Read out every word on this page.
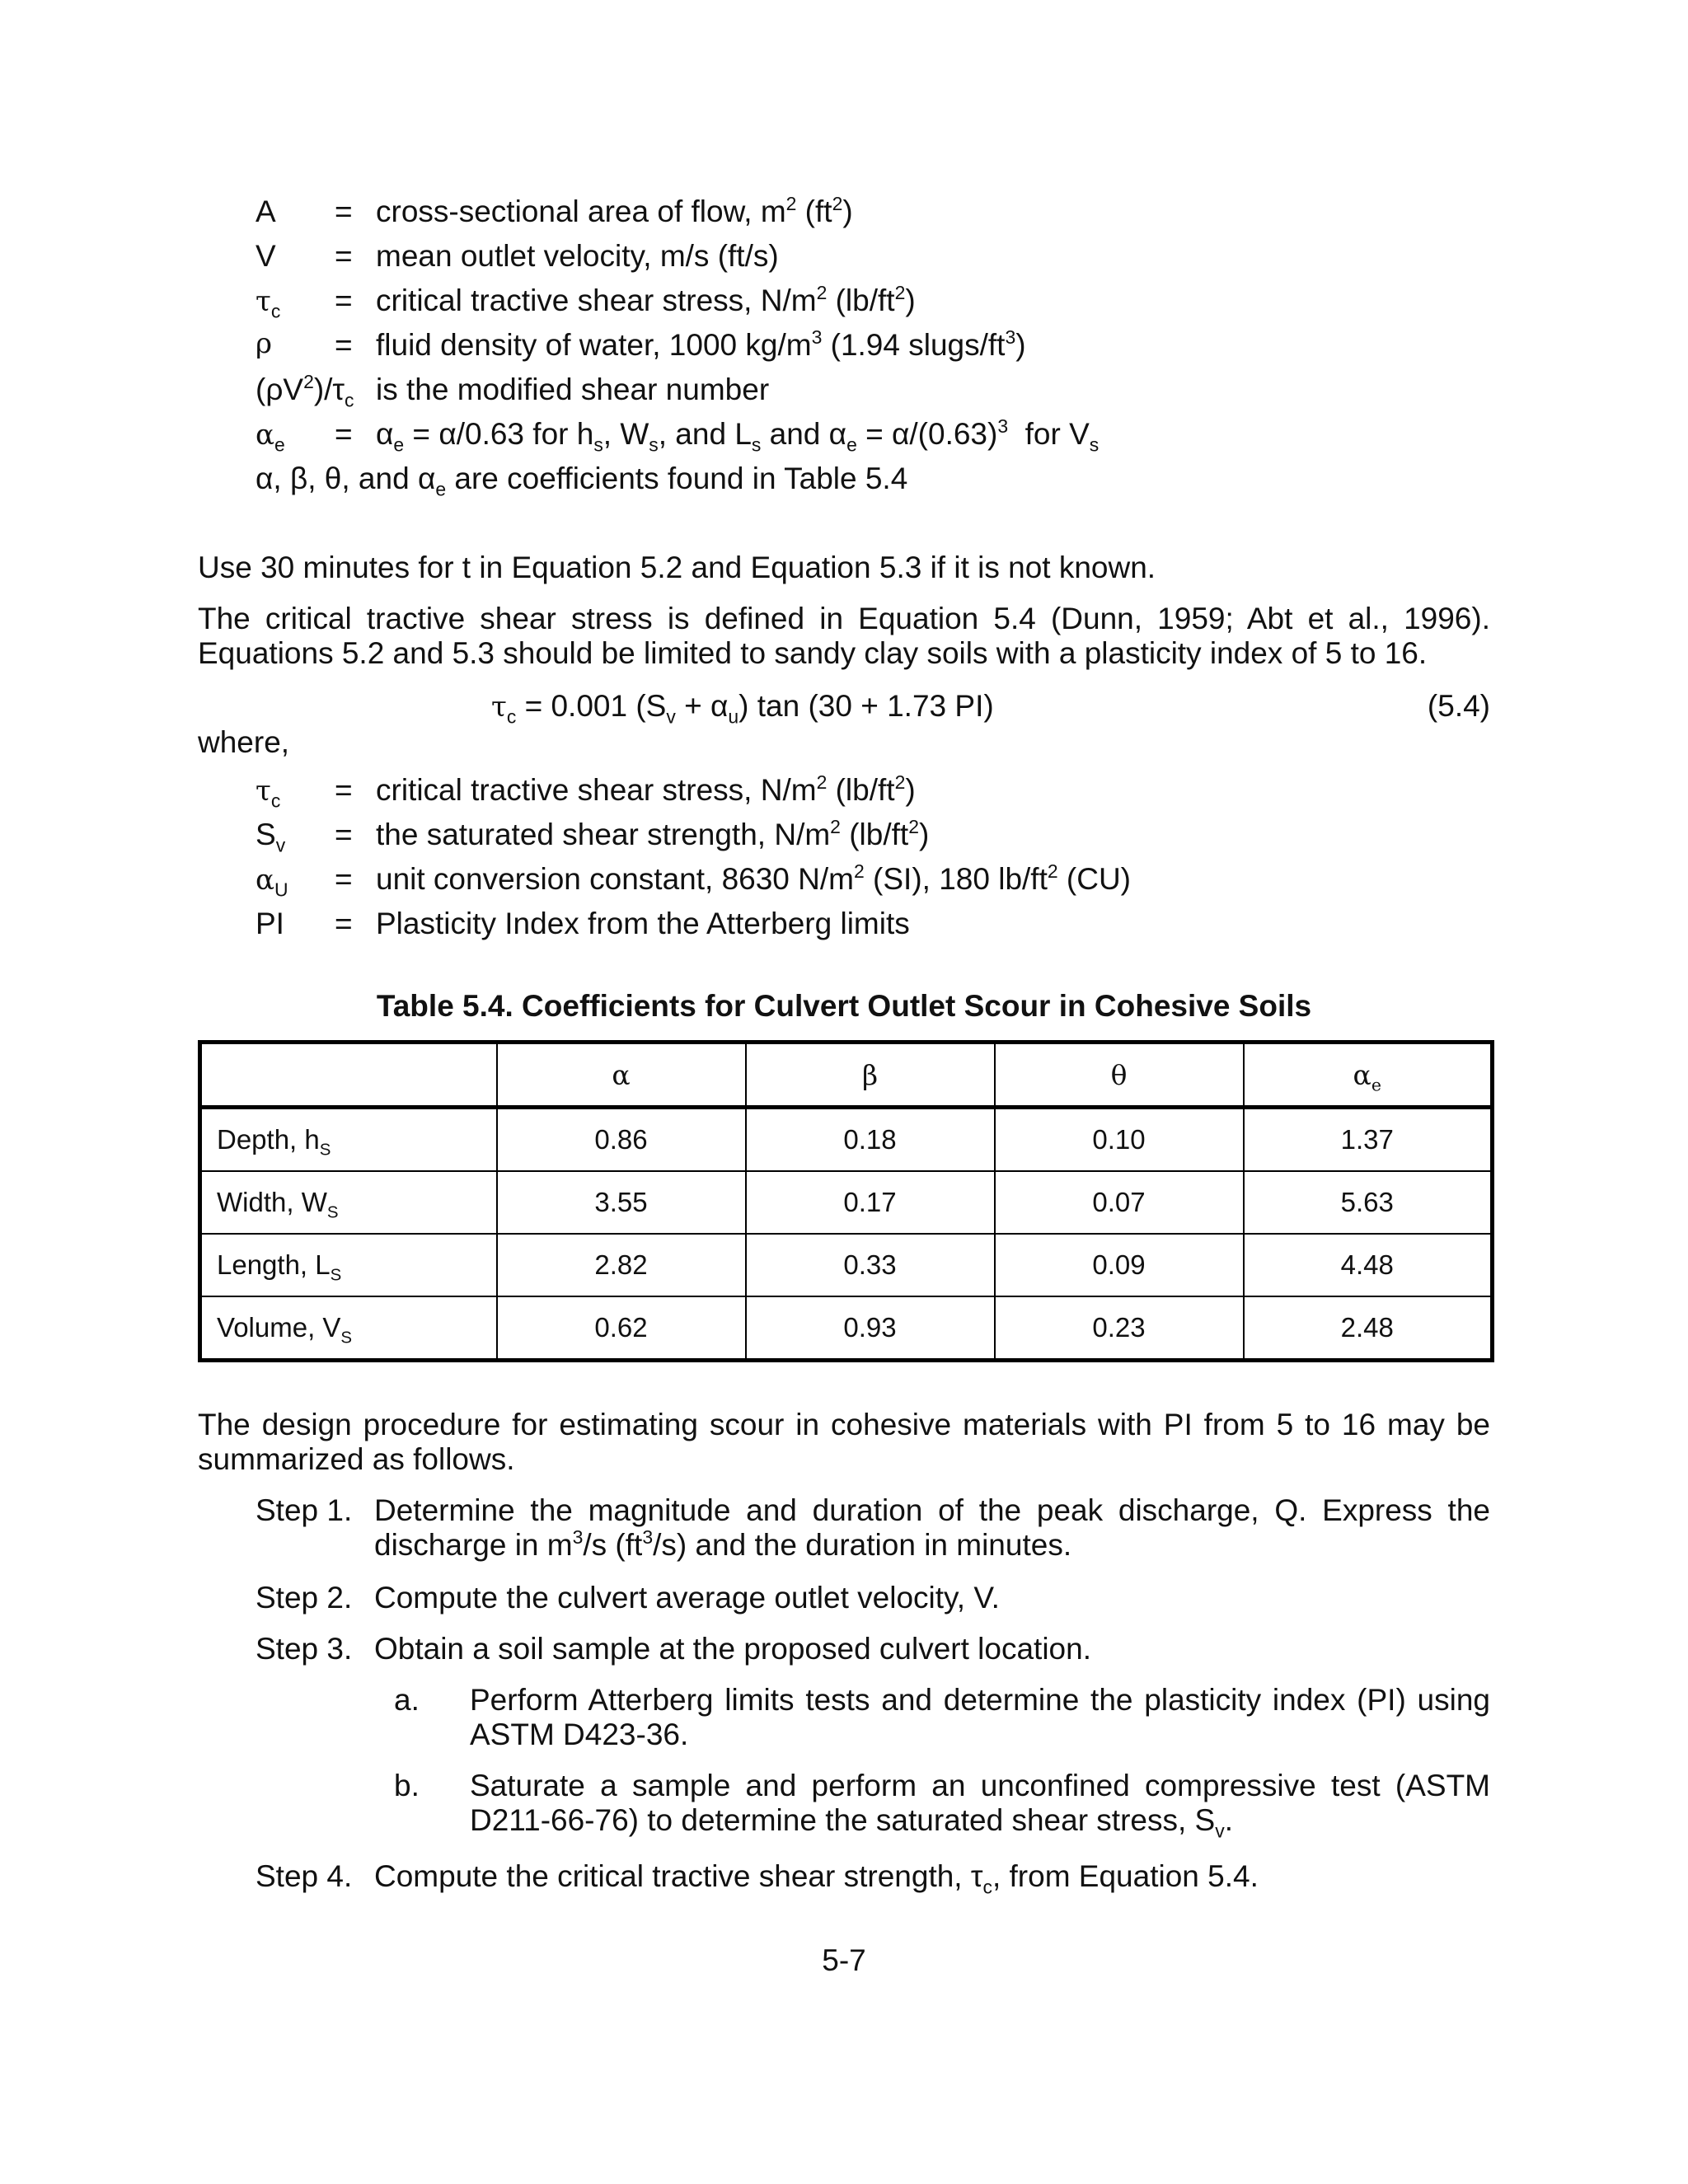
A = cross-sectional area of flow, $m^2$ $(ft^2)$
V = mean outlet velocity, m/s (ft/s)
$\tau_c$ = critical tractive shear stress, $N/m^2$ $(lb/ft^2)$
ρ = fluid density of water, 1000 $kg/m^3$ (1.94 slugs/$ft^3$)
$(\rho V^2)/\tau_c$ is the modified shear number
$\alpha_e = \alpha_e = \alpha/0.63$ for $h_s$, $W_s$, and $L_s$ and $\alpha_e = \alpha/(0.63)^3$  for $V_s$
α, β, θ, and $\alpha_e$ are coefficients found in Table 5.4
Use 30 minutes for t in Equation 5.2 and Equation 5.3 if it is not known.
The critical tractive shear stress is defined in Equation 5.4 (Dunn, 1959; Abt et al., 1996). Equations 5.2 and 5.3 should be limited to sandy clay soils with a plasticity index of 5 to 16.
$\tau_c = 0.001$ $(S_v + \alpha_u)$ tan (30 + 1.73 PI)	(5.4)
where,
$\tau_c$ = critical tractive shear stress, $N/m^2$ $(lb/ft^2)$
$S_v$ = the saturated shear strength, $N/m^2$ $(lb/ft^2)$
$\alpha_U$ = unit conversion constant, 8630 $N/m^2$ (SI), 180 $lb/ft^2$ (CU)
PI = Plasticity Index from the Atterberg limits
Table 5.4. Coefficients for Culvert Outlet Scour in Cohesive Soils
	α	β	θ	$\alpha_e$
Depth, $h_S$	0.86	0.18	0.10	1.37
Width, $W_S$	3.55	0.17	0.07	5.63
Length, $L_S$	2.82	0.33	0.09	4.48
Volume, $V_S$	0.62	0.93	0.23	2.48
The design procedure for estimating scour in cohesive materials with PI from 5 to 16 may be summarized as follows.
Step 1. Determine the magnitude and duration of the peak discharge, Q. Express the discharge in $m^3/s$ $(ft^3/s)$ and the duration in minutes.
Step 2. Compute the culvert average outlet velocity, V.
Step 3. Obtain a soil sample at the proposed culvert location.
a. Perform Atterberg limits tests and determine the plasticity index (PI) using ASTM D423-36.
b. Saturate a sample and perform an unconfined compressive test (ASTM D211-66-76) to determine the saturated shear stress, $S_v$.
Step 4. Compute the critical tractive shear strength, $\tau_c$, from Equation 5.4.
5-7
